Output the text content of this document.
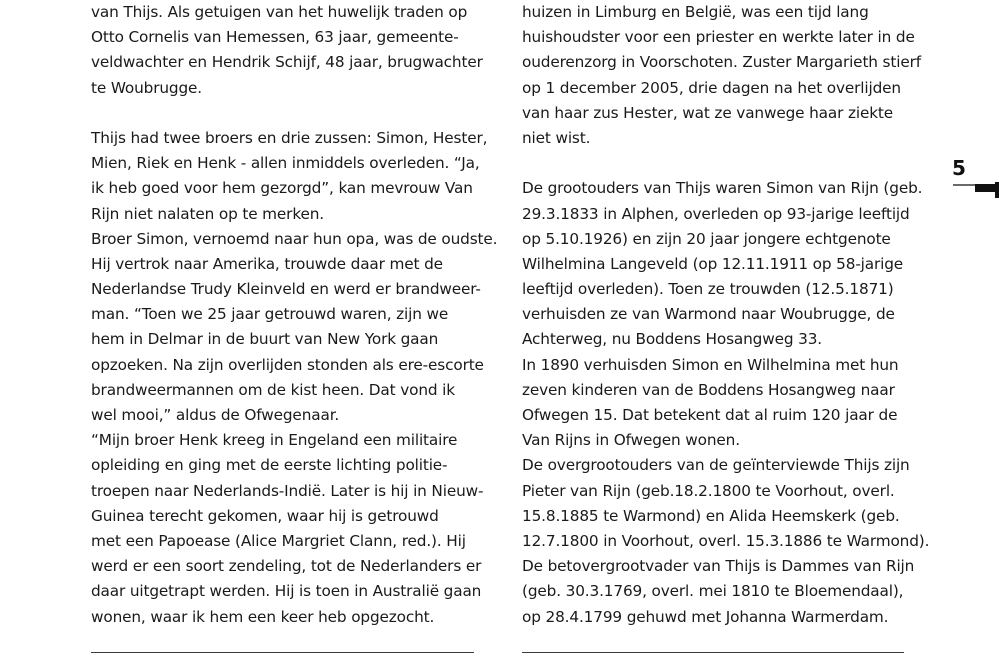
van Thijs. Als getuigen van het huwelijk traden op
Otto Cornelis van Hemessen, 63 jaar, gemeente-
veldwachter en Hendrik Schijf, 48 jaar, brugwachter
te Woubrugge.
Thijs had twee broers en drie zussen: Simon, Hester,
Mien, Riek en Henk - allen inmiddels overleden. “Ja,
ik heb goed voor hem gezorgd”, kan mevrouw Van
Rijn niet nalaten op te merken.
Broer Simon, vernoemd naar hun opa, was de oudste.
Hij vertrok naar Amerika, trouwde daar met de
Nederlandse Trudy Kleinveld en werd er brandweer-
man. “Toen we 25 jaar getrouwd waren, zijn we
hem in Delmar in de buurt van New York gaan
opzoeken. Na zijn overlijden stonden als ere-escorte
brandweermannen om de kist heen. Dat vond ik
wel mooi,” aldus de Ofwegenaar.
“Mijn broer Henk kreeg in Engeland een militaire
opleiding en ging met de eerste lichting politie-
troepen naar Nederlands-Indië. Later is hij in Nieuw-
Guinea terecht gekomen, waar hij is getrouwd
met een Papoease (Alice Margriet Clann, red.). Hij
werd er een soort zendeling, tot de Nederlanders er
daar uitgetrapt werden. Hij is toen in Australië gaan
wonen, waar ik hem een keer heb opgezocht.
huizen in Limburg en België, was een tijd lang
huishoudster voor een priester en werkte later in de
ouderenzorg in Voorschoten. Zuster Margarieth stierf
op 1 december 2005, drie dagen na het overlijden
van haar zus Hester, wat ze vanwege haar ziekte
niet wist.
De grootouders van Thijs waren Simon van Rijn (geb.
29.3.1833 in Alphen, overleden op 93-jarige leeftijd
op 5.10.1926) en zijn 20 jaar jongere echtgenote
Wilhelmina Langeveld (op 12.11.1911 op 58-jarige
leeftijd overleden). Toen ze trouwden (12.5.1871)
verhuisden ze van Warmond naar Woubrugge, de
Achterweg, nu Boddens Hosangweg 33.
In 1890 verhuisden Simon en Wilhelmina met hun
zeven kinderen van de Boddens Hosangweg naar
Ofwegen 15. Dat betekent dat al ruim 120 jaar de
Van Rijns in Ofwegen wonen.
De overgrootouders van de geïnterviewde Thijs zijn
Pieter van Rijn (geb.18.2.1800 te Voorhout, overl.
15.8.1885 te Warmond) en Alida Heemskerk (geb.
12.7.1800 in Voorhout, overl. 15.3.1886 te Warmond).
De betovergrootvader van Thijs is Dammes van Rijn
(geb. 30.3.1769, overl. mei 1810 te Bloemendaal),
op 28.4.1799 gehuwd met Johanna Warmerdam.
5
